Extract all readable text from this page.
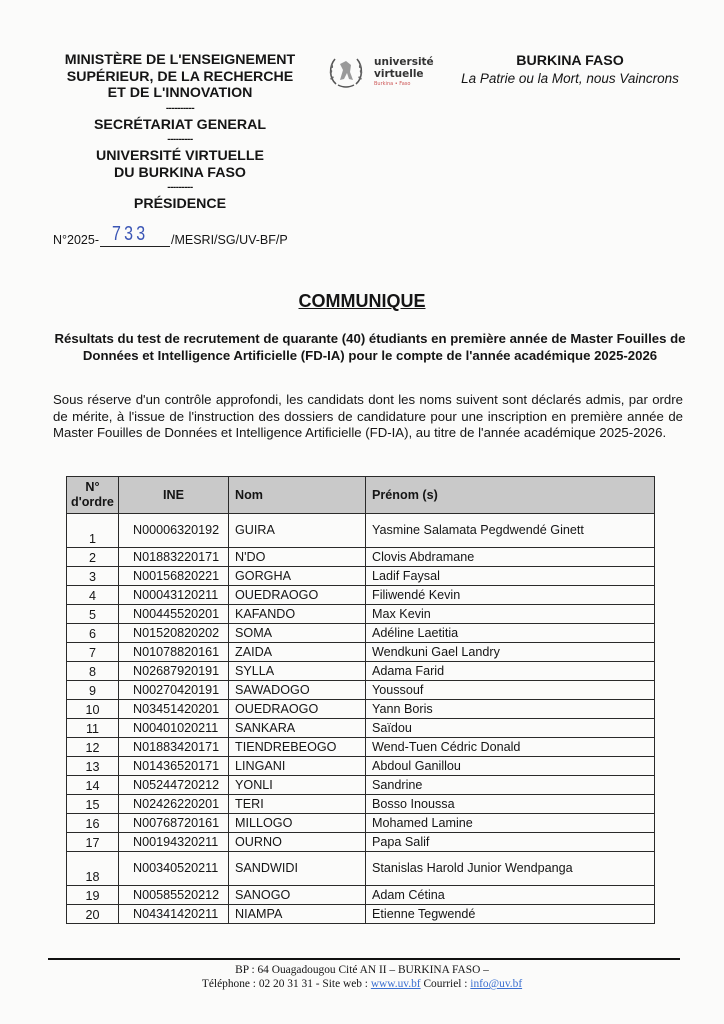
MINISTÈRE DE L'ENSEIGNEMENT
SUPÉRIEUR, DE LA RECHERCHE
ET DE L'INNOVATION
----------
SECRÉTARIAT GENERAL
---------
UNIVERSITÉ VIRTUELLE
DU BURKINA FASO
---------
PRÉSIDENCE
N°2025- 733 /MESRI/SG/UV-BF/P
université
virtuelle
Burkina • Faso
BURKINA FASO
La Patrie ou la Mort, nous Vaincrons
COMMUNIQUE
Résultats du test de recrutement de quarante (40) étudiants en première année de Master Fouilles de Données et Intelligence Artificielle (FD-IA) pour le compte de l'année académique 2025-2026
Sous réserve d'un contrôle approfondi, les candidats dont les noms suivent sont déclarés admis, par ordre de mérite, à l'issue de l'instruction des dossiers de candidature pour une inscription en première année de Master Fouilles de Données et Intelligence Artificielle (FD-IA), au titre de l'année académique 2025-2026.
N°
d'ordre	INE	Nom	Prénom (s)
1	N00006320192	GUIRA	Yasmine Salamata Pegdwendé Ginett
2	N01883220171	N'DO	Clovis Abdramane
3	N00156820221	GORGHA	Ladif Faysal
4	N00043120211	OUEDRAOGO	Filiwendé Kevin
5	N00445520201	KAFANDO	Max Kevin
6	N01520820202	SOMA	Adéline Laetitia
7	N01078820161	ZAIDA	Wendkuni Gael Landry
8	N02687920191	SYLLA	Adama Farid
9	N00270420191	SAWADOGO	Youssouf
10	N03451420201	OUEDRAOGO	Yann Boris
11	N00401020211	SANKARA	Saïdou
12	N01883420171	TIENDREBEOGO	Wend-Tuen Cédric Donald
13	N01436520171	LINGANI	Abdoul Ganillou
14	N05244720212	YONLI	Sandrine
15	N02426220201	TERI	Bosso Inoussa
16	N00768720161	MILLOGO	Mohamed Lamine
17	N00194320211	OURNO	Papa Salif
18	N00340520211	SANDWIDI	Stanislas Harold Junior Wendpanga
19	N00585520212	SANOGO	Adam Cétina
20	N04341420211	NIAMPA	Etienne Tegwendé
BP : 64 Ouagadougou Cité AN II – BURKINA FASO –
Téléphone : 02 20 31 31 - Site web : www.uv.bf Courriel : info@uv.bf
